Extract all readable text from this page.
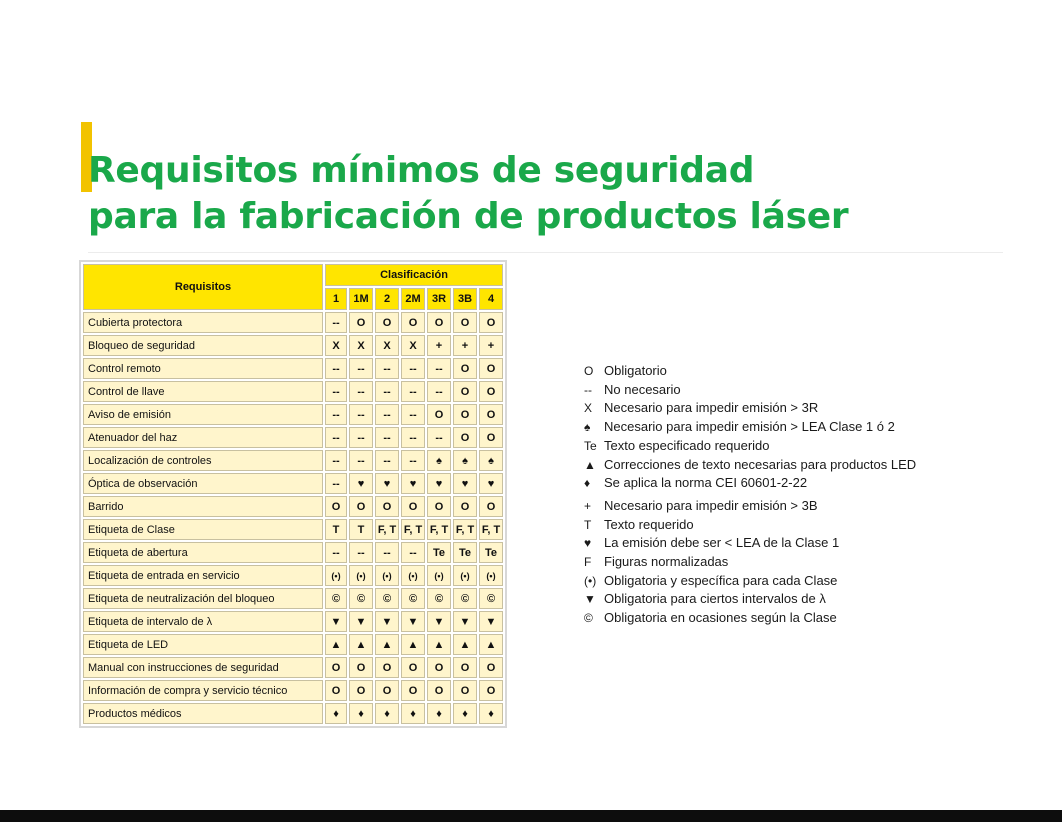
Requisitos mínimos de seguridad
para la fabricación de productos láser
Requisitos	Clasificación						
	1	1M	2	2M	3R	3B	4
Cubierta protectora	--	O	O	O	O	O	O
Bloqueo de seguridad	X	X	X	X	+	+	+
Control remoto	--	--	--	--	--	O	O
Control de llave	--	--	--	--	--	O	O
Aviso de emisión	--	--	--	--	O	O	O
Atenuador del haz	--	--	--	--	--	O	O
Localización de controles	--	--	--	--	♠	♠	♠
Óptica de observación	--	♥	♥	♥	♥	♥	♥
Barrido	O	O	O	O	O	O	O
Etiqueta de Clase	T	T	F, T	F, T	F, T	F, T	F, T
Etiqueta de abertura	--	--	--	--	Te	Te	Te
Etiqueta de entrada en servicio	(•)	(•)	(•)	(•)	(•)	(•)	(•)
Etiqueta de neutralización del bloqueo	©	©	©	©	©	©	©
Etiqueta de intervalo de λ	▼	▼	▼	▼	▼	▼	▼
Etiqueta de LED	▲	▲	▲	▲	▲	▲	▲
Manual con instrucciones de seguridad	O	O	O	O	O	O	O
Información de compra y servicio técnico	O	O	O	O	O	O	O
Productos médicos	♦	♦	♦	♦	♦	♦	♦
O Obligatorio
-- No necesario
X Necesario para impedir emisión > 3R
♠ Necesario para impedir emisión > LEA Clase 1 ó 2
Te Texto especificado requerido
▲ Correcciones de texto necesarias para productos LED
♦ Se aplica la norma CEI 60601-2-22
+ Necesario para impedir emisión > 3B
T Texto requerido
♥ La emisión debe ser < LEA de la Clase 1
F Figuras normalizadas
(•) Obligatoria y específica para cada Clase
▼ Obligatoria para ciertos intervalos de λ
© Obligatoria en ocasiones según la Clase
